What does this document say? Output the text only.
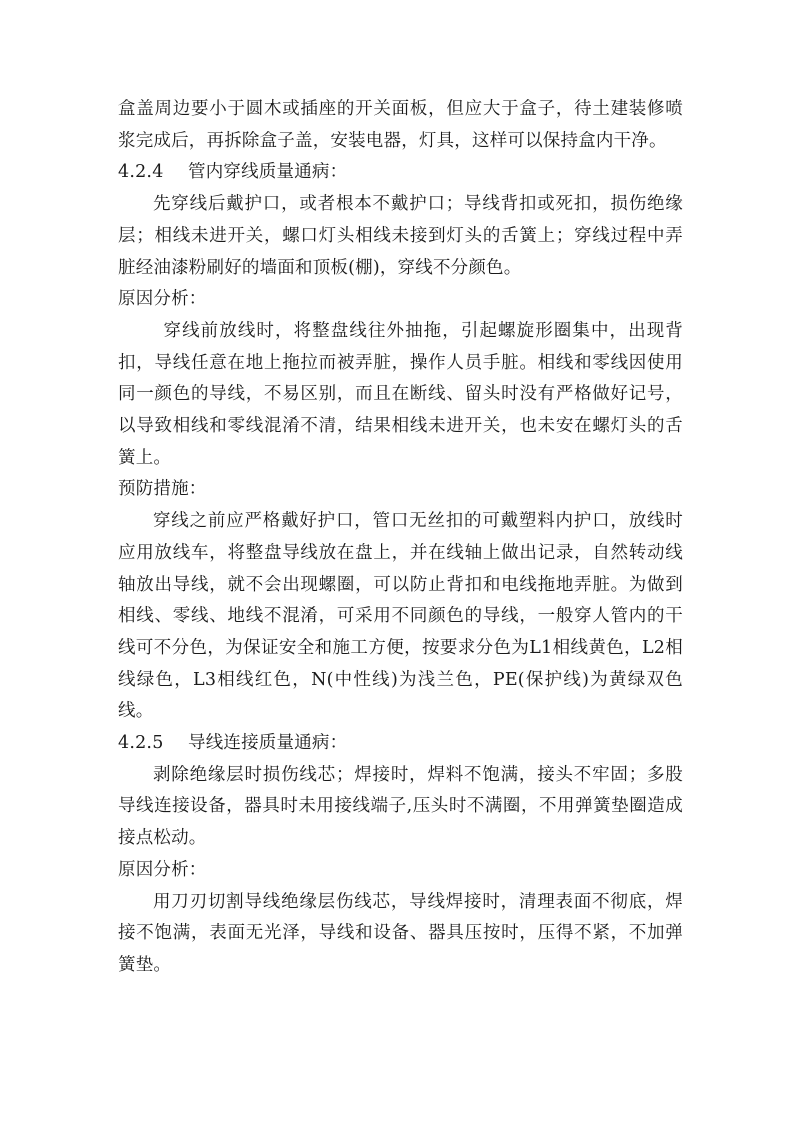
盒盖周边要小于圆木或插座的开关面板，但应大于盒子，待土建装修喷浆完成后，再拆除盒子盖，安装电器，灯具，这样可以保持盒内干净。

4.2.4 管内穿线质量通病：

先穿线后戴护口，或者根本不戴护口；导线背扣或死扣，损伤绝缘层；相线未进开关，螺口灯头相线未接到灯头的舌簧上；穿线过程中弄脏经油漆粉刷好的墙面和顶板(棚)，穿线不分颜色。

原因分析：

穿线前放线时，将整盘线往外抽拖，引起螺旋形圈集中，出现背扣，导线任意在地上拖拉而被弄脏，操作人员手脏。相线和零线因使用同一颜色的导线，不易区别，而且在断线、留头时没有严格做好记号，以导致相线和零线混淆不清，结果相线未进开关，也未安在螺灯头的舌簧上。

预防措施：

穿线之前应严格戴好护口，管口无丝扣的可戴塑料内护口，放线时应用放线车，将整盘导线放在盘上，并在线轴上做出记录，自然转动线轴放出导线，就不会出现螺圈，可以防止背扣和电线拖地弄脏。为做到相线、零线、地线不混淆，可采用不同颜色的导线，一般穿人管内的干线可不分色，为保证安全和施工方便，按要求分色为L1相线黄色，L2相线绿色，L3相线红色，N(中性线)为浅兰色，PE(保护线)为黄绿双色线。

4.2.5 导线连接质量通病：

剥除绝缘层时损伤线芯；焊接时，焊料不饱满，接头不牢固；多股导线连接设备，器具时未用接线端子,压头时不满圈，不用弹簧垫圈造成接点松动。

原因分析：

用刀刃切割导线绝缘层伤线芯，导线焊接时，清理表面不彻底，焊接不饱满，表面无光泽，导线和设备、器具压按时，压得不紧，不加弹簧垫。
